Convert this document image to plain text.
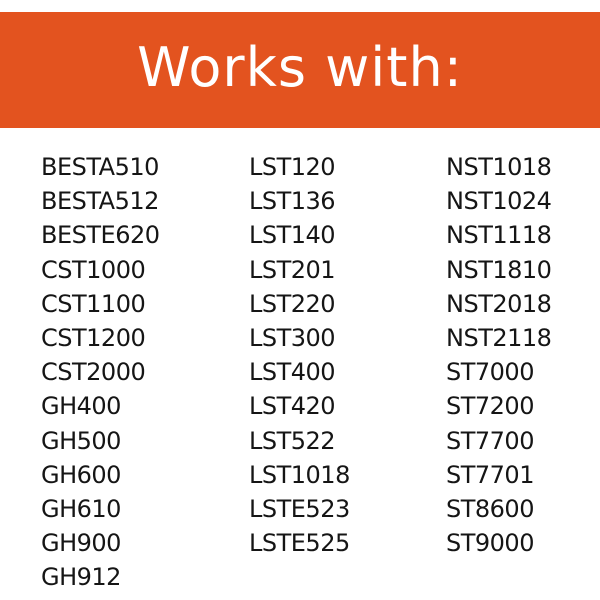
Works with:
BESTA510
BESTA512
BESTE620
CST1000
CST1100
CST1200
CST2000
GH400
GH500
GH600
GH610
GH900
GH912
LST120
LST136
LST140
LST201
LST220
LST300
LST400
LST420
LST522
LST1018
LSTE523
LSTE525
NST1018
NST1024
NST1118
NST1810
NST2018
NST2118
ST7000
ST7200
ST7700
ST7701
ST8600
ST9000
